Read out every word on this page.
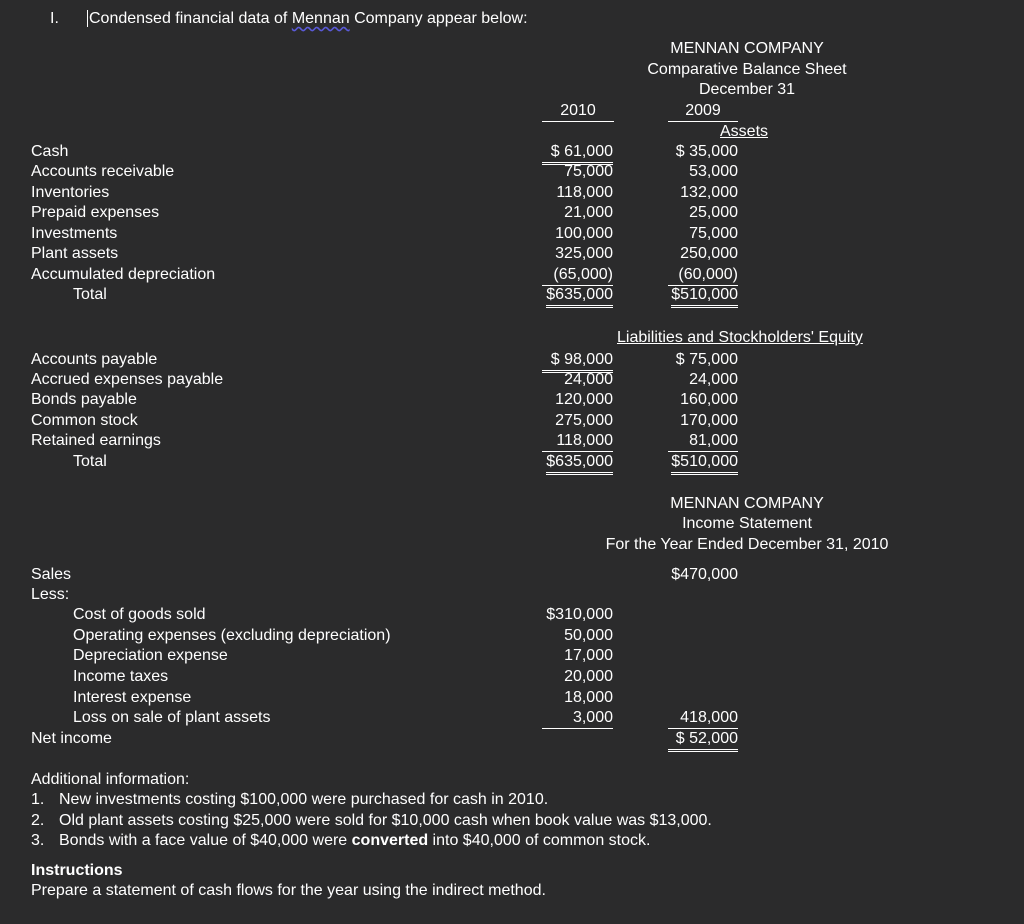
I. Condensed financial data of Mennan Company appear below:
MENNAN COMPANY
Comparative Balance Sheet
December 31
2010	2009
Assets
Cash	$ 61,000	$ 35,000
Accounts receivable	75,000	53,000
Inventories	118,000	132,000
Prepaid expenses	21,000	25,000
Investments	100,000	75,000
Plant assets	325,000	250,000
Accumulated depreciation	(65,000)	(60,000)
Total	$635,000	$510,000
Liabilities and Stockholders' Equity
Accounts payable	$ 98,000	$ 75,000
Accrued expenses payable	24,000	24,000
Bonds payable	120,000	160,000
Common stock	275,000	170,000
Retained earnings	118,000	81,000
Total	$635,000	$510,000
MENNAN COMPANY
Income Statement
For the Year Ended December 31, 2010
Sales	$470,000
Less:
Cost of goods sold	$310,000
Operating expenses (excluding depreciation)	50,000
Depreciation expense	17,000
Income taxes	20,000
Interest expense	18,000
Loss on sale of plant assets	3,000	418,000
Net income	$ 52,000
Additional information:
1. New investments costing $100,000 were purchased for cash in 2010.
2. Old plant assets costing $25,000 were sold for $10,000 cash when book value was $13,000.
3. Bonds with a face value of $40,000 were converted into $40,000 of common stock.
Instructions
Prepare a statement of cash flows for the year using the indirect method.
